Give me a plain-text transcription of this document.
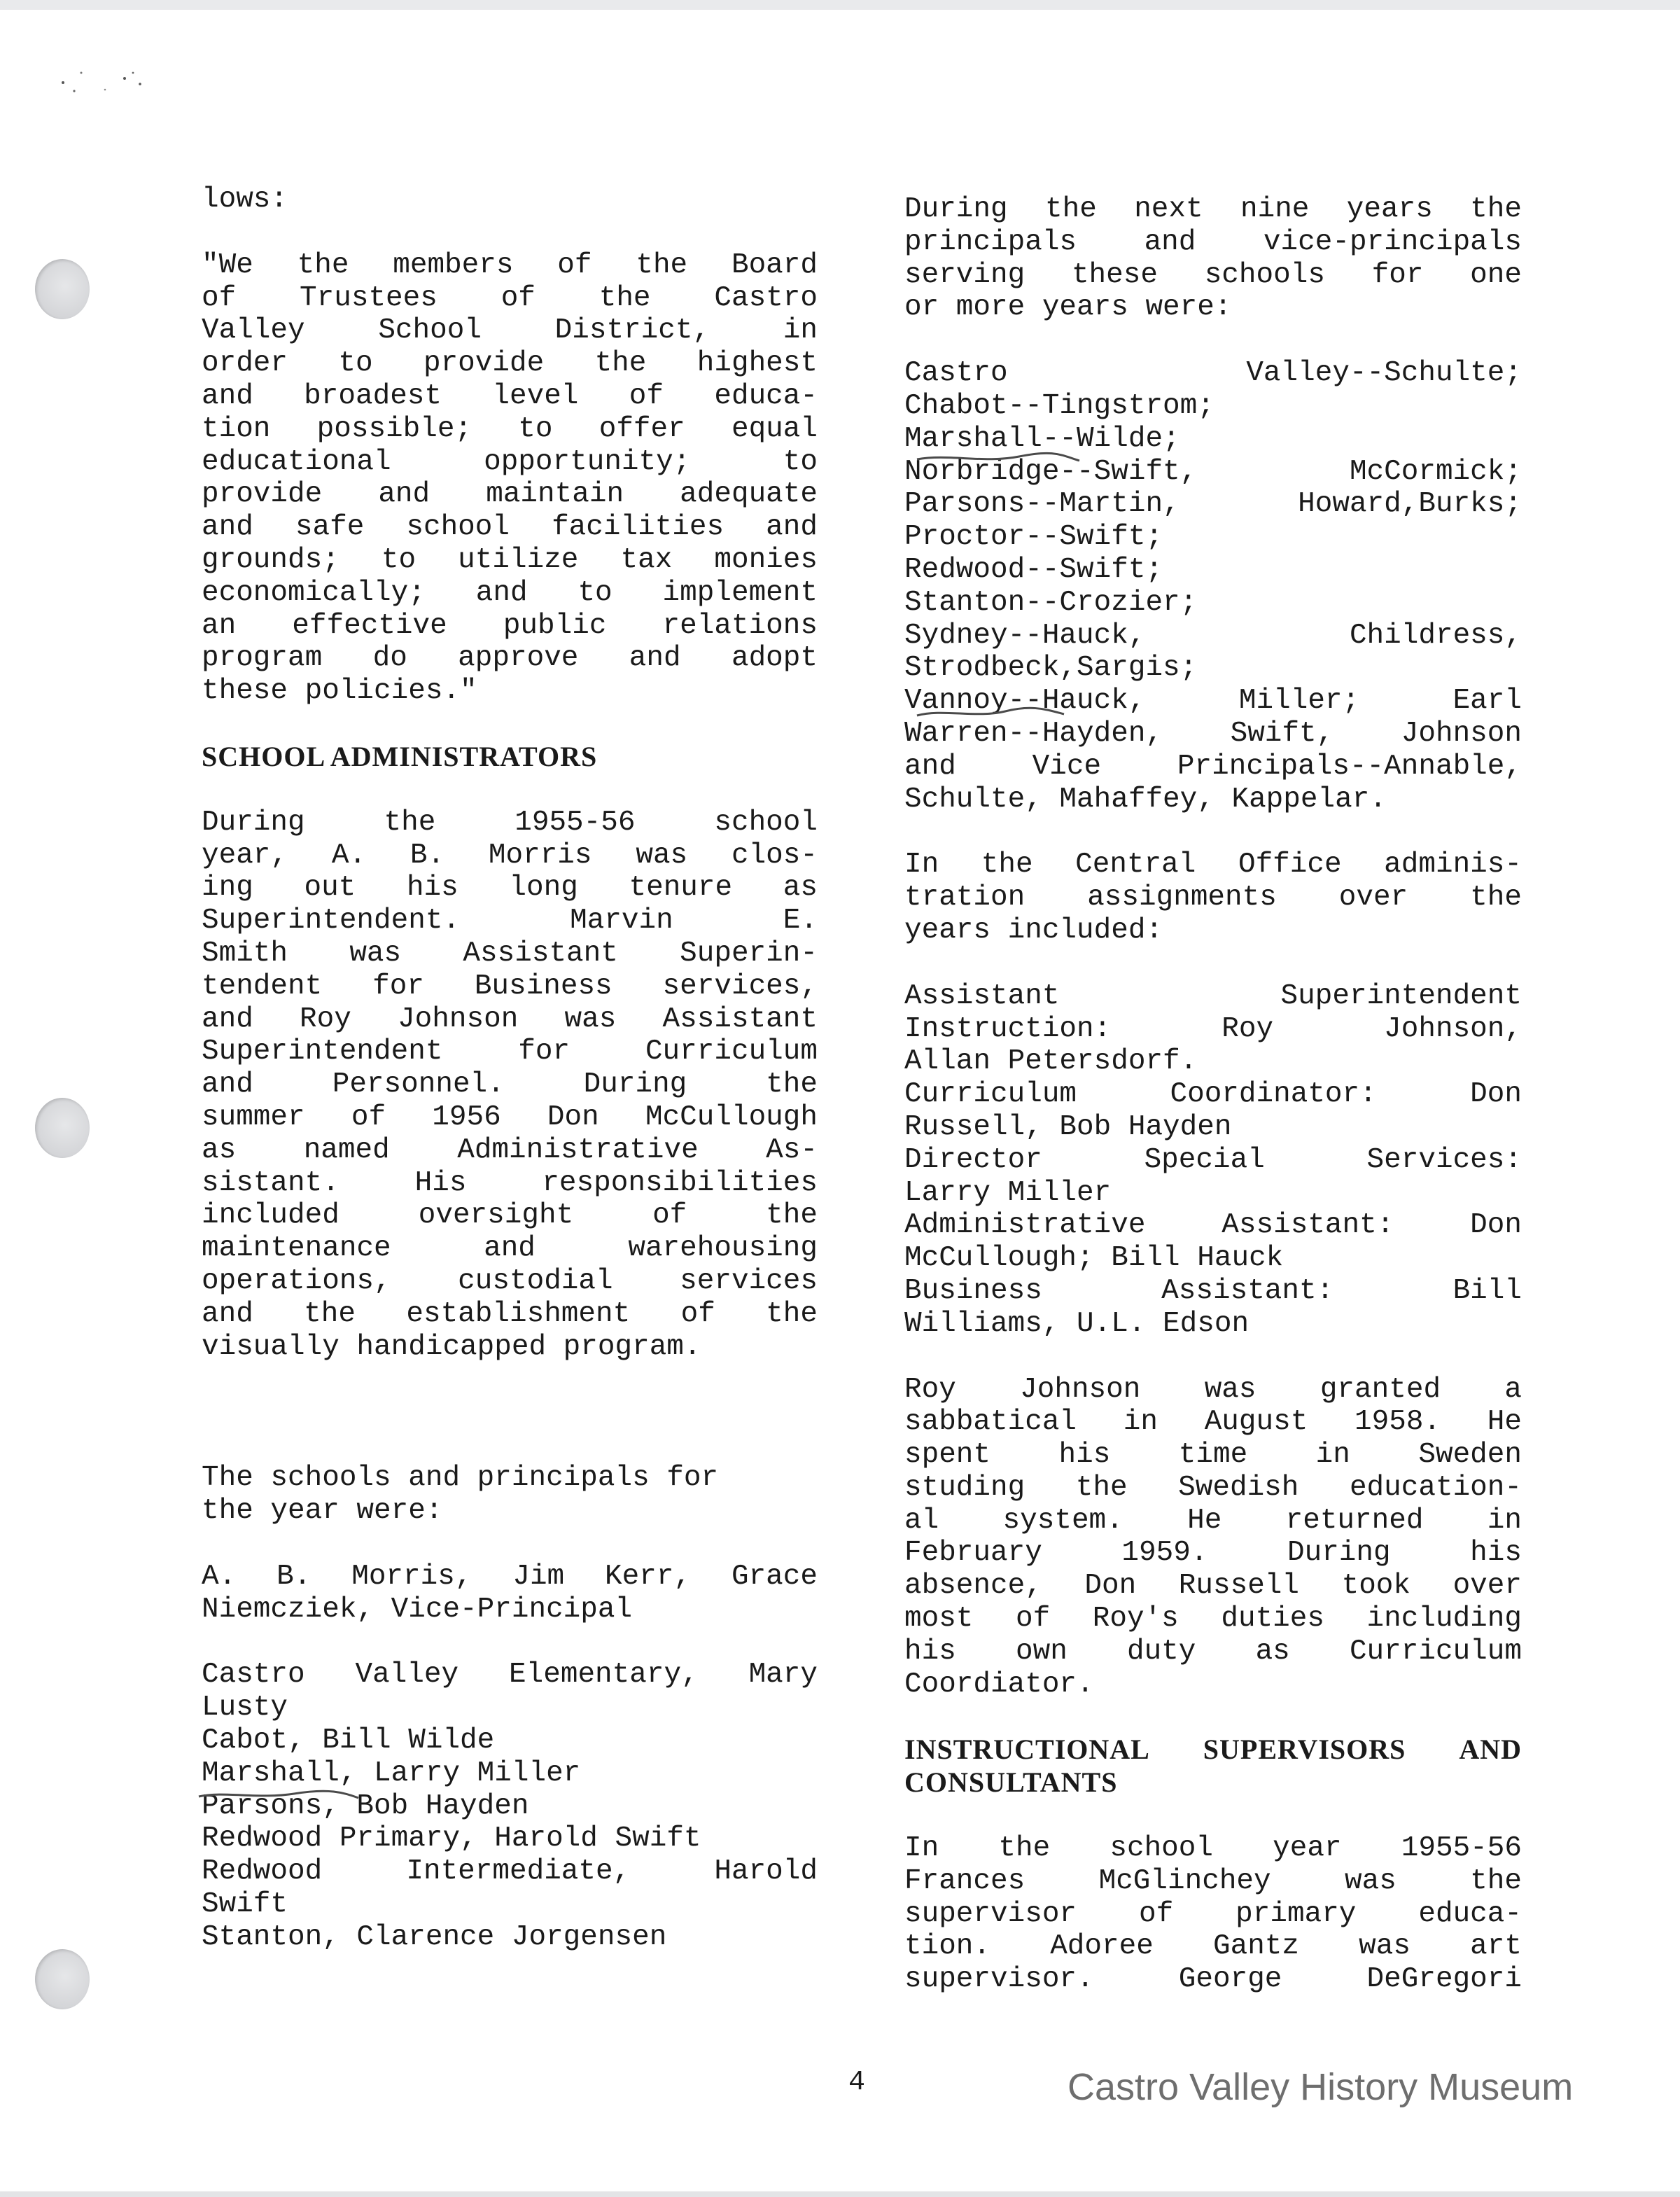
lows:

"We the members of the Board
of Trustees of the Castro
Valley School District, in
order to provide the highest
and broadest level of educa-
tion possible; to offer equal
educational opportunity; to
provide and maintain adequate
and safe school facilities and
grounds; to utilize tax monies
economically; and to implement
an effective public relations
program do approve and adopt
these policies."

SCHOOL ADMINISTRATORS

During the 1955-56 school
year, A. B. Morris was clos-
ing out his long tenure as
Superintendent. Marvin E.
Smith was Assistant Superin-
tendent for Business services,
and Roy Johnson was Assistant
Superintendent for Curriculum
and Personnel. During the
summer of 1956 Don McCullough
as named Administrative As-
sistant. His responsibilities
included oversight of the
maintenance and warehousing
operations, custodial services
and the establishment of the
visually handicapped program.
The schools and principals for
the year were:
A. B. Morris, Jim Kerr, Grace
Niemcziek, Vice-Principal
Castro Valley Elementary, Mary
Lusty
Cabot, Bill Wilde
Marshall, Larry Miller
Parsons, Bob Hayden
Redwood Primary, Harold Swift
Redwood Intermediate, Harold
Swift
Stanton, Clarence Jorgensen
During the next nine years the
principals and vice-principals
serving these schools for one
or more years were:
Castro Valley--Schulte;
Chabot--Tingstrom;
Marshall--Wilde;
Norbridge--Swift, McCormick;
Parsons--Martin, Howard,Burks;
Proctor--Swift;
Redwood--Swift;
Stanton--Crozier;
Sydney--Hauck, Childress,
Strodbeck,Sargis;
Vannoy--Hauck, Miller; Earl
Warren--Hayden, Swift, Johnson
and Vice Principals--Annable,
Schulte, Mahaffey, Kappelar.
In the Central Office adminis-
tration assignments over the
years included:
Assistant Superintendent
Instruction: Roy Johnson,
Allan Petersdorf.
Curriculum Coordinator: Don
Russell, Bob Hayden
Director Special Services:
Larry Miller
Administrative Assistant: Don
McCullough; Bill Hauck
Business Assistant: Bill
Williams, U.L. Edson
Roy Johnson was granted a
sabbatical in August 1958. He
spent his time in Sweden
studing the Swedish education-
al system. He returned in
February 1959. During his
absence, Don Russell took over
most of Roy's duties including
his own duty as Curriculum
Coordiator.
INSTRUCTIONAL SUPERVISORS AND
CONSULTANTS
In the school year 1955-56
Frances McGlinchey was the
supervisor of primary educa-
tion. Adoree Gantz was art
supervisor. George DeGregori
4	Castro Valley History Museum
